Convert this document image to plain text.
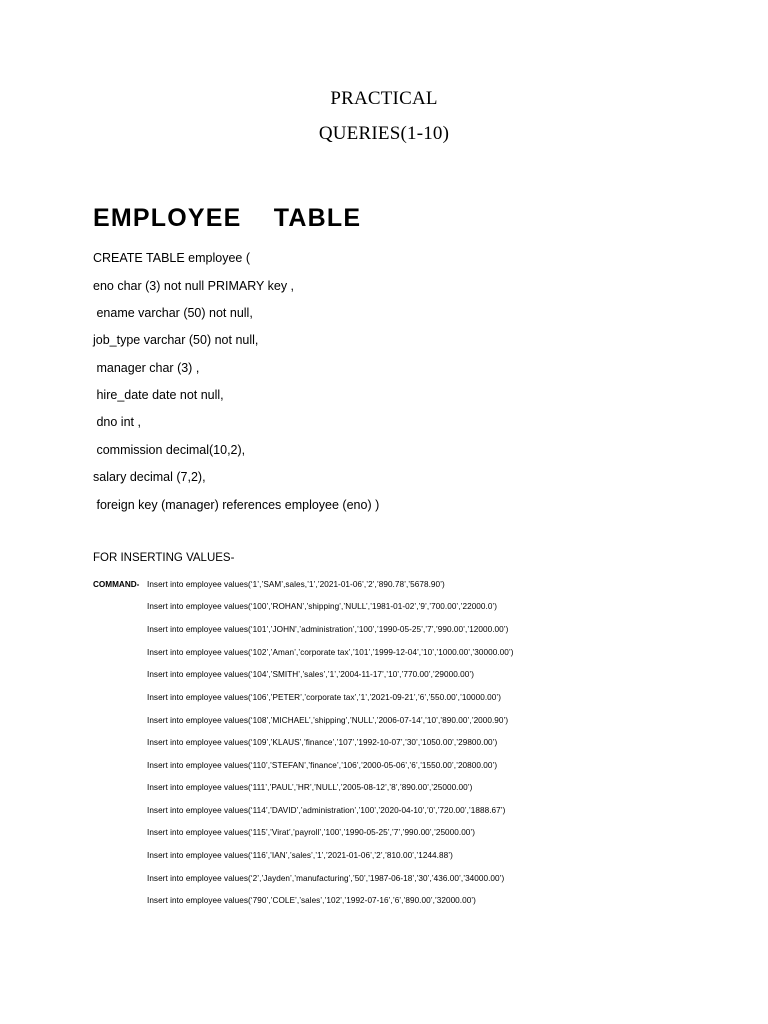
PRACTICAL
QUERIES(1-10)
EMPLOYEE  TABLE
CREATE TABLE employee (
eno char (3) not null PRIMARY key ,
ename varchar (50) not null,
job_type varchar (50) not null,
manager char (3) ,
hire_date date not null,
dno int ,
commission decimal(10,2),
salary decimal (7,2),
foreign key (manager) references employee (eno) )
FOR INSERTING VALUES-
COMMAND- Insert into employee values(‘1’,’SAM’,sales,’1’,’2021-01-06’,’2’,’890.78’,’5678.90’)
Insert into employee values(‘100’,’ROHAN’,’shipping’,’NULL’,’1981-01-02’,’9’,’700.00’,’22000.0’)
Insert into employee values(‘101’,’JOHN’,’administration’,’100’,’1990-05-25’,’7’,’990.00’,’12000.00’)
Insert into employee values(‘102’,’Aman’,’corporate tax’,’101’,’1999-12-04’,’10’,’1000.00’,’30000.00’)
Insert into employee values(‘104’,’SMITH’,’sales’,’1’,’2004-11-17’,’10’,’770.00’,’29000.00’)
Insert into employee values(‘106’,’PETER’,’corporate tax’,’1’,’2021-09-21’,’6’,’550.00’,’10000.00’)
Insert into employee values(‘108’,’MICHAEL’,’shipping’,’NULL’,’2006-07-14’,’10’,’890.00’,’2000.90’)
Insert into employee values(‘109’,’KLAUS’,’finance’,’107’,’1992-10-07’,’30’,’1050.00’,’29800.00’)
Insert into employee values(‘110’,’STEFAN’,’finance’,’106’,’2000-05-06’,’6’,’1550.00’,’20800.00’)
Insert into employee values(‘111’,’PAUL’,’HR’,’NULL’,’2005-08-12’,’8’,’890.00’,’25000.00’)
Insert into employee values(‘114’,’DAVID’,’administration’,’100’,’2020-04-10’,’0’,’720.00’,’1888.67’)
Insert into employee values(‘115’,’Virat’,’payroll’,’100’,’1990-05-25’,’7’,’990.00’,’25000.00’)
Insert into employee values(‘116’,’IAN’,’sales’,’1’,’2021-01-06’,’2’,’810.00’,’1244.88’)
Insert into employee values(‘2’,’Jayden’,’manufacturing’,’50’,’1987-06-18’,’30’,’436.00’,’34000.00’)
Insert into employee values(‘790’,’COLE’,’sales’,’102’,’1992-07-16’,’6’,’890.00’,’32000.00’)
